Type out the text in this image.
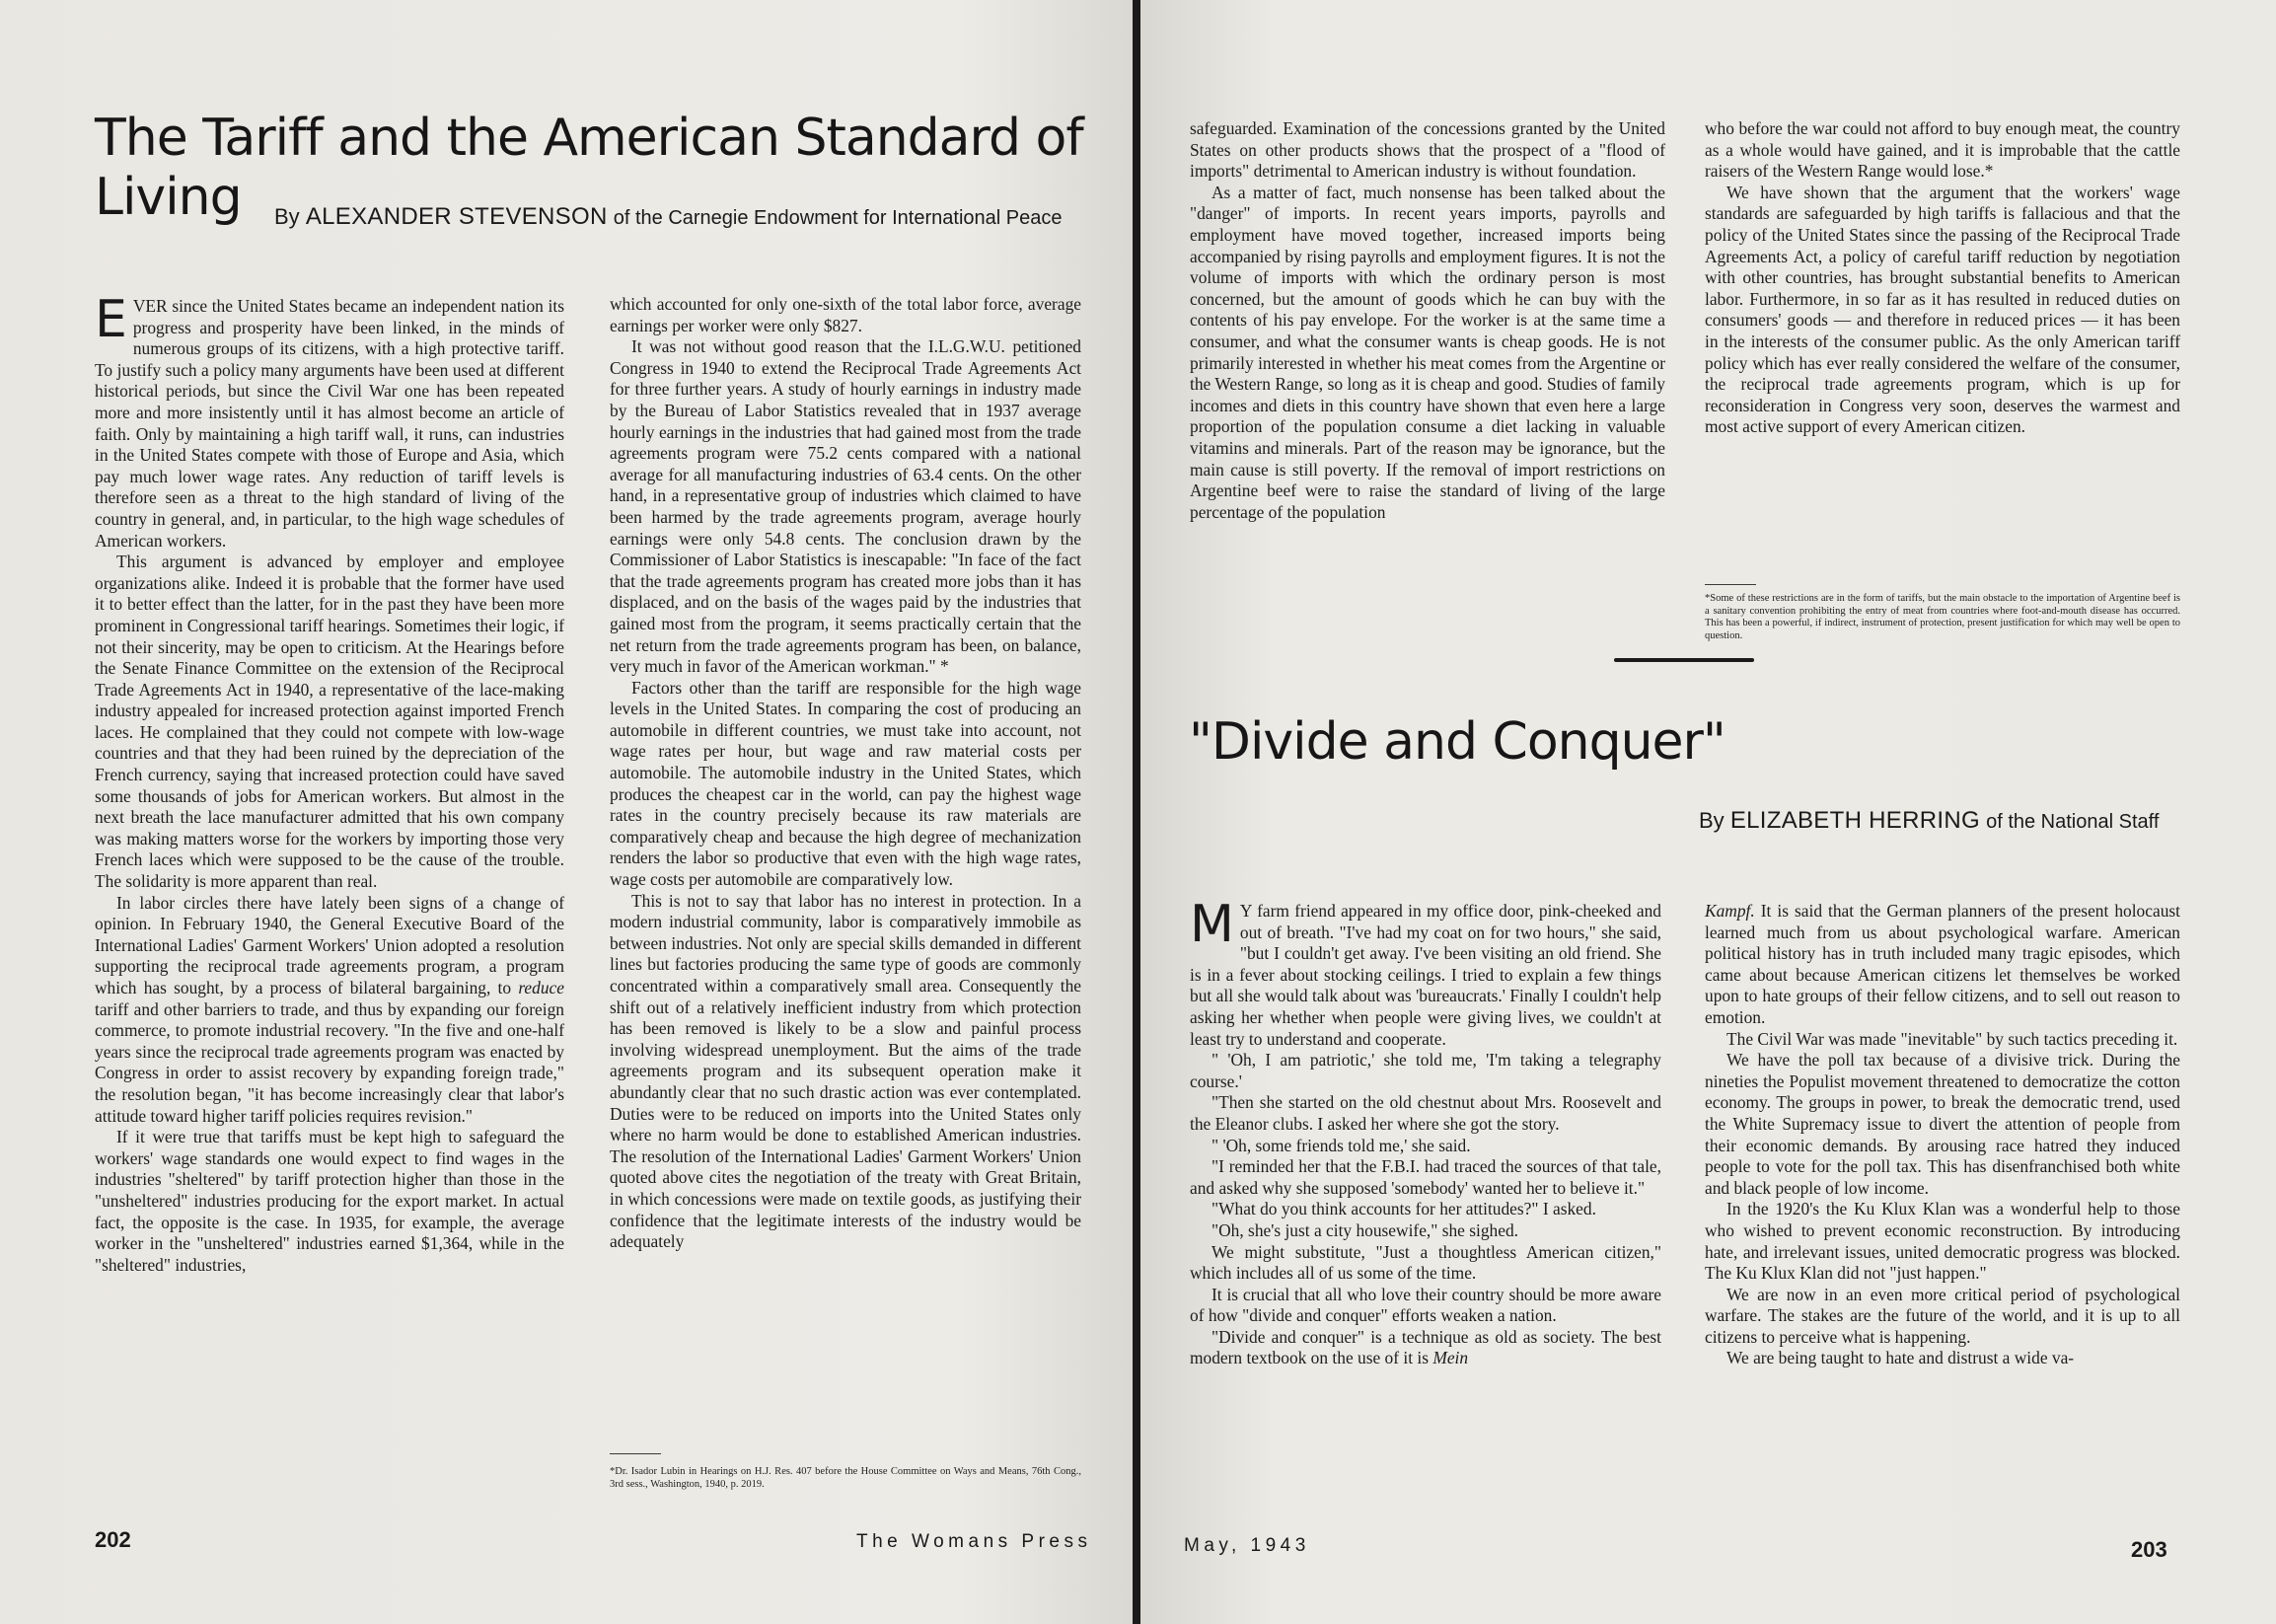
The Tariff and the American Standard of Living	By ALEXANDER STEVENSON of the Carnegie Endowment for International Peace

EVER since the United States became an independent nation its progress and prosperity have been linked, in the minds of numerous groups of its citizens, with a high protective tariff. To justify such a policy many arguments have been used at different historical periods, but since the Civil War one has been repeated more and more insistently until it has almost become an article of faith. Only by maintaining a high tariff wall, it runs, can industries in the United States compete with those of Europe and Asia, which pay much lower wage rates. Any reduction of tariff levels is therefore seen as a threat to the high standard of living of the country in general, and, in particular, to the high wage schedules of American workers.

This argument is advanced by employer and employee organizations alike. Indeed it is probable that the former have used it to better effect than the latter, for in the past they have been more prominent in Congressional tariff hearings. Sometimes their logic, if not their sincerity, may be open to criticism. At the Hearings before the Senate Finance Committee on the extension of the Reciprocal Trade Agreements Act in 1940, a representative of the lace-making industry appealed for increased protection against imported French laces. He complained that they could not compete with low-wage countries and that they had been ruined by the depreciation of the French currency, saying that increased protection could have saved some thousands of jobs for American workers. But almost in the next breath the lace manufacturer admitted that his own company was making matters worse for the workers by importing those very French laces which were supposed to be the cause of the trouble. The solidarity is more apparent than real.

In labor circles there have lately been signs of a change of opinion. In February 1940, the General Executive Board of the International Ladies' Garment Workers' Union adopted a resolution supporting the reciprocal trade agreements program, a program which has sought, by a process of bilateral bargaining, to reduce tariff and other barriers to trade, and thus by expanding our foreign commerce, to promote industrial recovery. "In the five and one-half years since the reciprocal trade agreements program was enacted by Congress in order to assist recovery by expanding foreign trade," the resolution began, "it has become increasingly clear that labor's attitude toward higher tariff policies requires revision."

If it were true that tariffs must be kept high to safeguard the workers' wage standards one would expect to find wages in the industries "sheltered" by tariff protection higher than those in the "unsheltered" industries producing for the export market. In actual fact, the opposite is the case. In 1935, for example, the average worker in the "unsheltered" industries earned $1,364, while in the "sheltered" industries,

which accounted for only one-sixth of the total labor force, average earnings per worker were only $827.

It was not without good reason that the I.L.G.W.U. petitioned Congress in 1940 to extend the Reciprocal Trade Agreements Act for three further years. A study of hourly earnings in industry made by the Bureau of Labor Statistics revealed that in 1937 average hourly earnings in the industries that had gained most from the trade agreements program were 75.2 cents compared with a national average for all manufacturing industries of 63.4 cents. On the other hand, in a representative group of industries which claimed to have been harmed by the trade agreements program, average hourly earnings were only 54.8 cents. The conclusion drawn by the Commissioner of Labor Statistics is inescapable: "In face of the fact that the trade agreements program has created more jobs than it has displaced, and on the basis of the wages paid by the industries that gained most from the program, it seems practically certain that the net return from the trade agreements program has been, on balance, very much in favor of the American workman." *

Factors other than the tariff are responsible for the high wage levels in the United States. In comparing the cost of producing an automobile in different countries, we must take into account, not wage rates per hour, but wage and raw material costs per automobile. The automobile industry in the United States, which produces the cheapest car in the world, can pay the highest wage rates in the country precisely because its raw materials are comparatively cheap and because the high degree of mechanization renders the labor so productive that even with the high wage rates, wage costs per automobile are comparatively low.

This is not to say that labor has no interest in protection. In a modern industrial community, labor is comparatively immobile as between industries. Not only are special skills demanded in different lines but factories producing the same type of goods are commonly concentrated within a comparatively small area. Consequently the shift out of a relatively inefficient industry from which protection has been removed is likely to be a slow and painful process involving widespread unemployment. But the aims of the trade agreements program and its subsequent operation make it abundantly clear that no such drastic action was ever contemplated. Duties were to be reduced on imports into the United States only where no harm would be done to established American industries. The resolution of the International Ladies' Garment Workers' Union quoted above cites the negotiation of the treaty with Great Britain, in which concessions were made on textile goods, as justifying their confidence that the legitimate interests of the industry would be adequately

*Dr. Isador Lubin in Hearings on H.J. Res. 407 before the House Committee on Ways and Means, 76th Cong., 3rd sess., Washington, 1940, p. 2019.
202	The Womans Press

safeguarded. Examination of the concessions granted by the United States on other products shows that the prospect of a "flood of imports" detrimental to American industry is without foundation.

As a matter of fact, much nonsense has been talked about the "danger" of imports. In recent years imports, payrolls and employment have moved together, increased imports being accompanied by rising payrolls and employment figures. It is not the volume of imports with which the ordinary person is most concerned, but the amount of goods which he can buy with the contents of his pay envelope. For the worker is at the same time a consumer, and what the consumer wants is cheap goods. He is not primarily interested in whether his meat comes from the Argentine or the Western Range, so long as it is cheap and good. Studies of family incomes and diets in this country have shown that even here a large proportion of the population consume a diet lacking in valuable vitamins and minerals. Part of the reason may be ignorance, but the main cause is still poverty. If the removal of import restrictions on Argentine beef were to raise the standard of living of the large percentage of the population

who before the war could not afford to buy enough meat, the country as a whole would have gained, and it is improbable that the cattle raisers of the Western Range would lose.*

We have shown that the argument that the workers' wage standards are safeguarded by high tariffs is fallacious and that the policy of the United States since the passing of the Reciprocal Trade Agreements Act, a policy of careful tariff reduction by negotiation with other countries, has brought substantial benefits to American labor. Furthermore, in so far as it has resulted in reduced duties on consumers' goods — and therefore in reduced prices — it has been in the interests of the consumer public. As the only American tariff policy which has ever really considered the welfare of the consumer, the reciprocal trade agreements program, which is up for reconsideration in Congress very soon, deserves the warmest and most active support of every American citizen.

*Some of these restrictions are in the form of tariffs, but the main obstacle to the importation of Argentine beef is a sanitary convention prohibiting the entry of meat from countries where foot-and-mouth disease has occurred. This has been a powerful, if indirect, instrument of protection, present justification for which may well be open to question.
"Divide and Conquer"
By ELIZABETH HERRING of the National Staff

M Y farm friend appeared in my office door, pink-cheeked and out of breath. "I've had my coat on for two hours," she said, "but I couldn't get away. I've been visiting an old friend. She is in a fever about stocking ceilings. I tried to explain a few things but all she would talk about was 'bureaucrats.' Finally I couldn't help asking her whether when people were giving lives, we couldn't at least try to understand and cooperate.

" 'Oh, I am patriotic,' she told me, 'I'm taking a telegraphy course.'

"Then she started on the old chestnut about Mrs. Roosevelt and the Eleanor clubs. I asked her where she got the story.

" 'Oh, some friends told me,' she said.

"I reminded her that the F.B.I. had traced the sources of that tale, and asked why she supposed 'somebody' wanted her to believe it."

"What do you think accounts for her attitudes?" I asked.

"Oh, she's just a city housewife," she sighed.

We might substitute, "Just a thoughtless American citizen," which includes all of us some of the time.

It is crucial that all who love their country should be more aware of how "divide and conquer" efforts weaken a nation.

"Divide and conquer" is a technique as old as society. The best modern textbook on the use of it is Mein

Kampf. It is said that the German planners of the present holocaust learned much from us about psychological warfare. American political history has in truth included many tragic episodes, which came about because American citizens let themselves be worked upon to hate groups of their fellow citizens, and to sell out reason to emotion.

The Civil War was made "inevitable" by such tactics preceding it.

We have the poll tax because of a divisive trick. During the nineties the Populist movement threatened to democratize the cotton economy. The groups in power, to break the democratic trend, used the White Supremacy issue to divert the attention of people from their economic demands. By arousing race hatred they induced people to vote for the poll tax. This has disenfranchised both white and black people of low income.

In the 1920's the Ku Klux Klan was a wonderful help to those who wished to prevent economic reconstruction. By introducing hate, and irrelevant issues, united democratic progress was blocked. The Ku Klux Klan did not "just happen."

We are now in an even more critical period of psychological warfare. The stakes are the future of the world, and it is up to all citizens to perceive what is happening.

We are being taught to hate and distrust a wide va-

May, 1943	203
